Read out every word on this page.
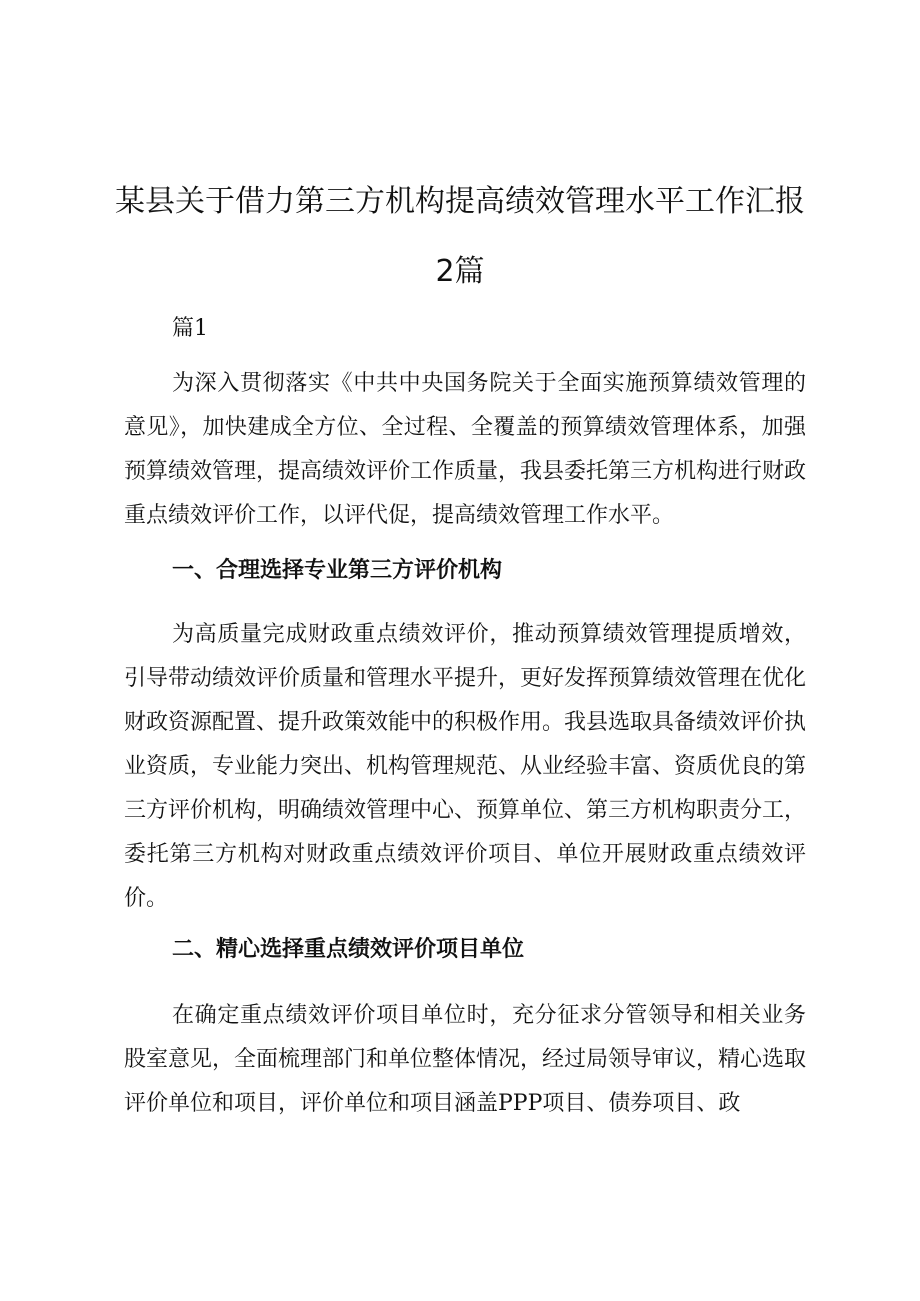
某县关于借力第三方机构提高绩效管理水平工作汇报
2篇

篇1

为深入贯彻落实《中共中央国务院关于全面实施预算绩效管理的意见》，加快建成全方位、全过程、全覆盖的预算绩效管理体系，加强预算绩效管理，提高绩效评价工作质量，我县委托第三方机构进行财政重点绩效评价工作，以评代促，提高绩效管理工作水平。

一、合理选择专业第三方评价机构

为高质量完成财政重点绩效评价，推动预算绩效管理提质增效，引导带动绩效评价质量和管理水平提升，更好发挥预算绩效管理在优化财政资源配置、提升政策效能中的积极作用。我县选取具备绩效评价执业资质，专业能力突出、机构管理规范、从业经验丰富、资质优良的第三方评价机构，明确绩效管理中心、预算单位、第三方机构职责分工，委托第三方机构对财政重点绩效评价项目、单位开展财政重点绩效评价。

二、精心选择重点绩效评价项目单位

在确定重点绩效评价项目单位时，充分征求分管领导和相关业务股室意见，全面梳理部门和单位整体情况，经过局领导审议，精心选取评价单位和项目，评价单位和项目涵盖PPP项目、债券项目、政
